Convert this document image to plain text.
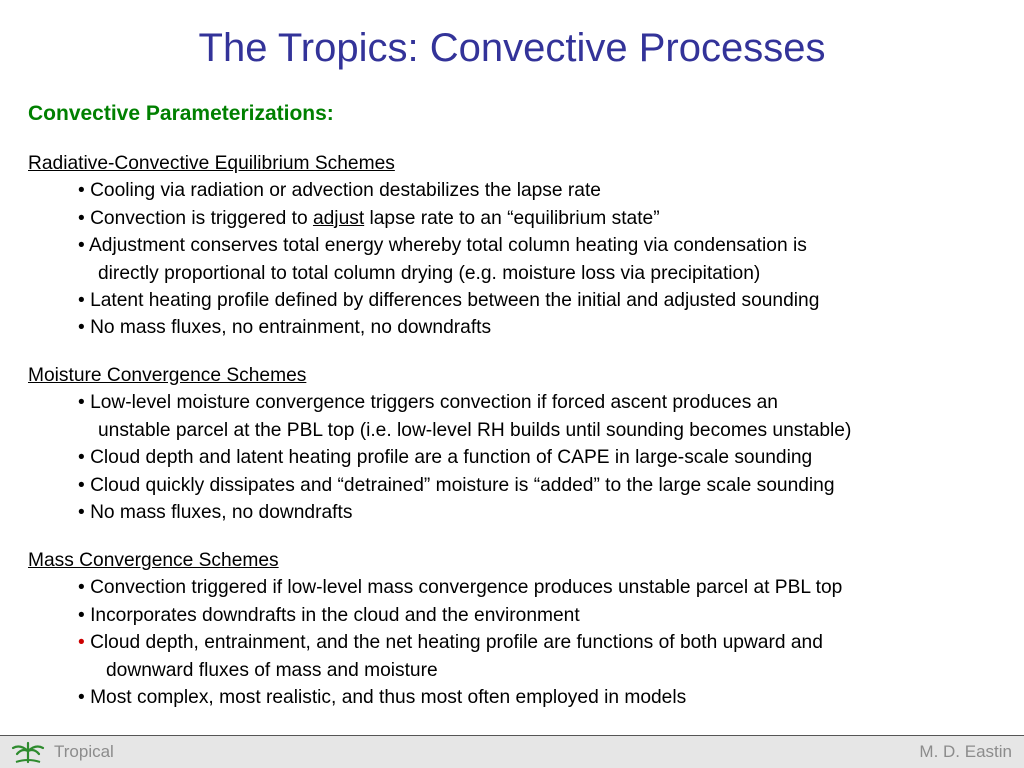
The Tropics: Convective Processes
Convective Parameterizations:
Radiative-Convective Equilibrium Schemes
• Cooling via radiation or advection destabilizes the lapse rate
• Convection is triggered to adjust lapse rate to an “equilibrium state”
• Adjustment conserves total energy whereby total column heating via condensation is
directly proportional to total column drying (e.g. moisture loss via precipitation)
• Latent heating profile defined by differences between the initial and adjusted sounding
• No mass fluxes, no entrainment, no downdrafts
Moisture Convergence Schemes
• Low-level moisture convergence triggers convection if forced ascent produces an
unstable parcel at the PBL top (i.e. low-level RH builds until sounding becomes unstable)
• Cloud depth and latent heating profile are a function of CAPE in large-scale sounding
• Cloud quickly dissipates and “detrained” moisture is “added” to the large scale sounding
• No mass fluxes, no downdrafts
Mass Convergence Schemes
• Convection triggered if low-level mass convergence produces unstable parcel at PBL top
• Incorporates downdrafts in the cloud and the environment
• Cloud depth, entrainment, and the net heating profile are functions of both upward and
downward fluxes of mass and moisture
• Most complex, most realistic, and thus most often employed in models
Tropical	M. D. Eastin
